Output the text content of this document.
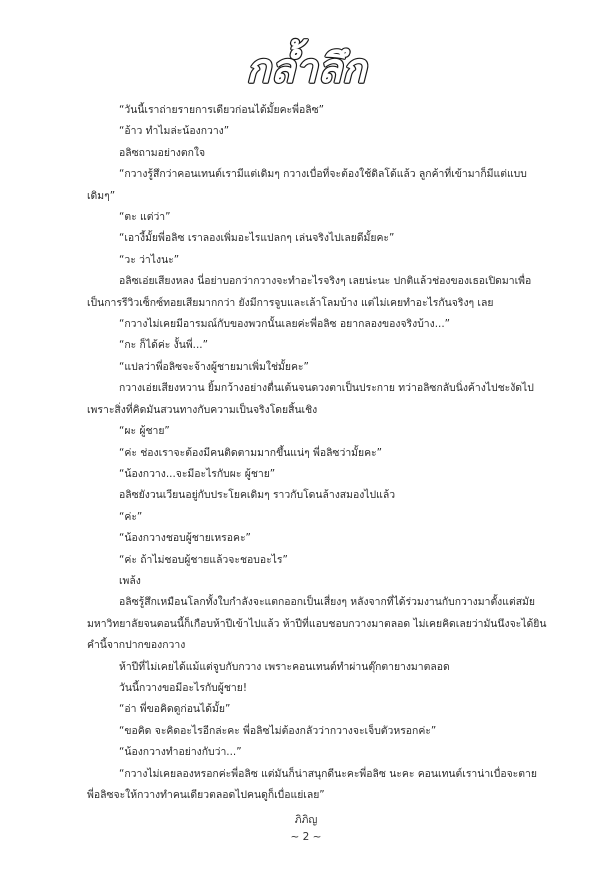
กล้ำลึก

“วันนี้เราถ่ายรายการเดียวก่อนได้มั้ยคะพี่อลิซ”

“อ้าว ทำไมล่ะน้องกวาง”

อลิซถามอย่างตกใจ

“กวางรู้สึกว่าคอนเทนต์เรามีแต่เดิมๆ กวางเบื่อที่จะต้องใช้ดิลโด้แล้ว ลูกค้าที่เข้ามาก็มีแต่แบบเดิมๆ”

“ตะ แต่ว่า”

“เอางี้มั้ยพี่อลิซ เราลองเพิ่มอะไรแปลกๆ เล่นจริงไปเลยดีมั้ยคะ”

“วะ ว่าไงนะ”

อลิซเอ่ยเสียงหลง นี่อย่าบอกว่ากวางจะทำอะไรจริงๆ เลยน่ะนะ ปกติแล้วช่องของเธอเปิดมาเพื่อเป็นการรีวิวเซ็กซ์ทอยเสียมากกว่า ยังมีการจูบและเล้าโลมบ้าง แต่ไม่เคยทำอะไรกันจริงๆ เลย

“กวางไม่เคยมีอารมณ์กับของพวกนั้นเลยค่ะพี่อลิซ อยากลองของจริงบ้าง...”

“กะ ก็ได้ค่ะ งั้นพี่...”

“แปลว่าพี่อลิซจะจ้างผู้ชายมาเพิ่มใช่มั้ยคะ”

กวางเอ่ยเสียงหวาน ยิ้มกว้างอย่างตื่นเต้นจนดวงตาเป็นประกาย ทว่าอลิซกลับนิ่งค้างไปชะงัดไป เพราะสิ่งที่คิดมันสวนทางกับความเป็นจริงโดยสิ้นเชิง

“ผะ ผู้ชาย”

“ค่ะ ช่องเราจะต้องมีคนติดตามมากขึ้นแน่ๆ พี่อลิซว่ามั้ยคะ”

“น้องกวาง...จะมีอะไรกับผะ ผู้ชาย”

อลิซยังวนเวียนอยู่กับประโยคเดิมๆ ราวกับโดนล้างสมองไปแล้ว

“ค่ะ”

“น้องกวางชอบผู้ชายเหรอคะ”

“ค่ะ ถ้าไม่ชอบผู้ชายแล้วจะชอบอะไร”

เพล้ง

อลิซรู้สึกเหมือนโลกทั้งใบกำลังจะแตกออกเป็นเสี่ยงๆ หลังจากที่ได้ร่วมงานกับกวางมาตั้งแต่สมัยมหาวิทยาลัยจนตอนนี้ก็เกือบห้าปีเข้าไปแล้ว ห้าปีที่แอบชอบกวางมาตลอด ไม่เคยคิดเลยว่ามันนึงจะได้ยินคำนี้จากปากของกวาง

ห้าปีที่ไม่เคยได้แม้แต่จูบกับกวาง เพราะคอนเทนต์ทำผ่านตุ๊กตายางมาตลอด

วันนี้กวางขอมีอะไรกับผู้ชาย!

“อ่า พี่ขอคิดดูก่อนได้มั้ย”

“ขอคิด จะคิดอะไรอีกล่ะคะ พี่อลิซไม่ต้องกลัวว่ากวางจะเจ็บตัวหรอกค่ะ”

“น้องกวางทำอย่างกับว่า...”

“กวางไม่เคยลองหรอกค่ะพี่อลิซ แต่มันก็น่าสนุกดีนะคะพี่อลิซ นะคะ คอนเทนต์เราน่าเบื่อจะตาย พี่อลิซจะให้กวางทำคนเดียวตลอดไปคนดูก็เบื่อแย่เลย”

ภิภิญ
~ 2 ~
